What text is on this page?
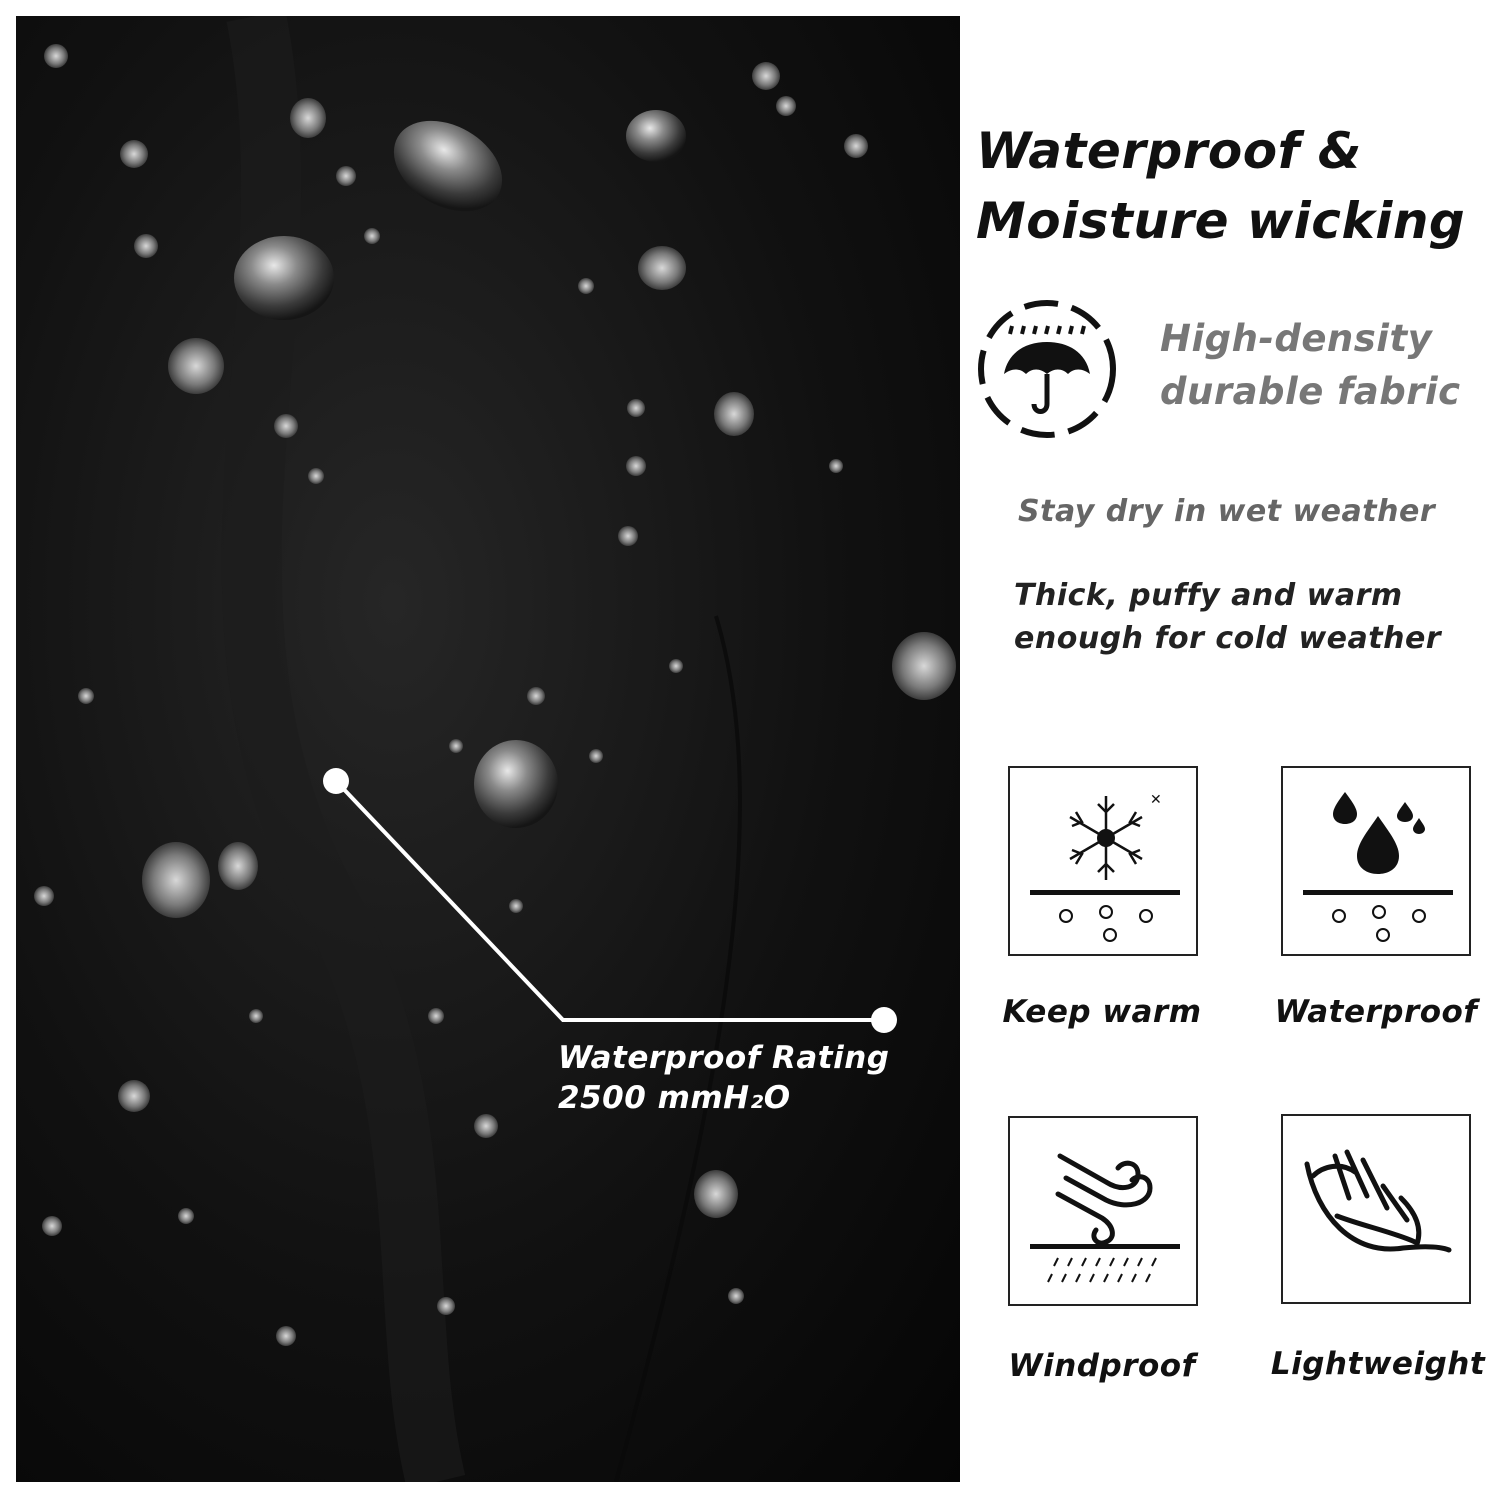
Waterproof Rating
2500 mmH₂O
Waterproof &
Moisture wicking
High-density
durable fabric
Stay dry in wet weather
Thick, puffy and warm
enough for cold weather
✕
Keep warm	Waterproof
Windproof	Lightweight
